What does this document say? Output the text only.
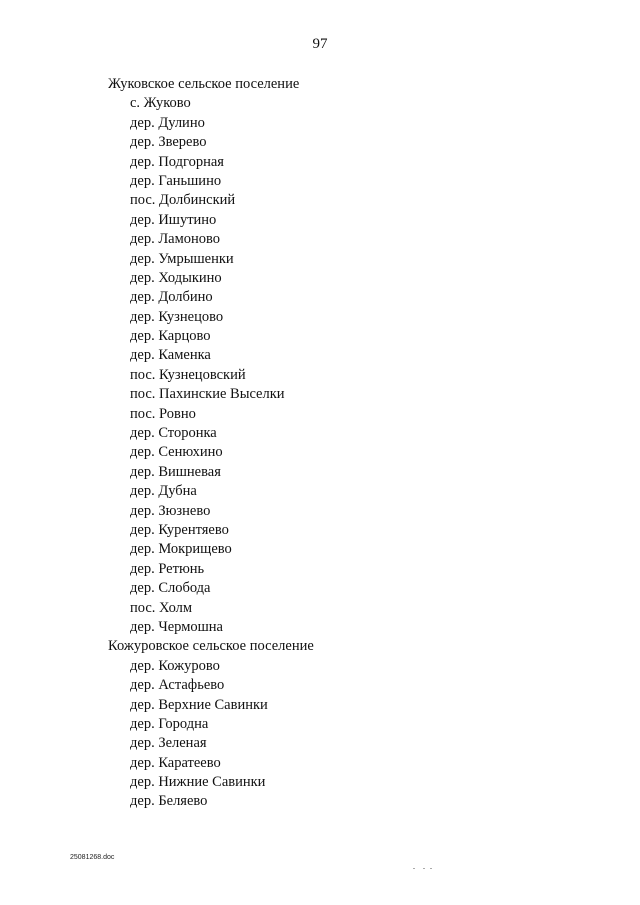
97
Жуковское сельское поселение
с. Жуково
дер. Дулино
дер. Зверево
дер. Подгорная
дер. Ганьшино
пос. Долбинский
дер. Ишутино
дер. Ламоново
дер. Умрышенки
дер. Ходыкино
дер. Долбино
дер. Кузнецово
дер. Карцово
дер. Каменка
пос. Кузнецовский
пос. Пахинские Выселки
пос. Ровно
дер. Сторонка
дер. Сенюхино
дер. Вишневая
дер. Дубна
дер. Зюзнево
дер. Курентяево
дер. Мокрищево
дер. Ретюнь
дер. Слобода
пос. Холм
дер. Чермошна
Кожуровское сельское поселение
дер. Кожурово
дер. Астафьево
дер. Верхние Савинки
дер. Городна
дер. Зеленая
дер. Каратеево
дер. Нижние Савинки
дер. Беляево
25081268.doc
